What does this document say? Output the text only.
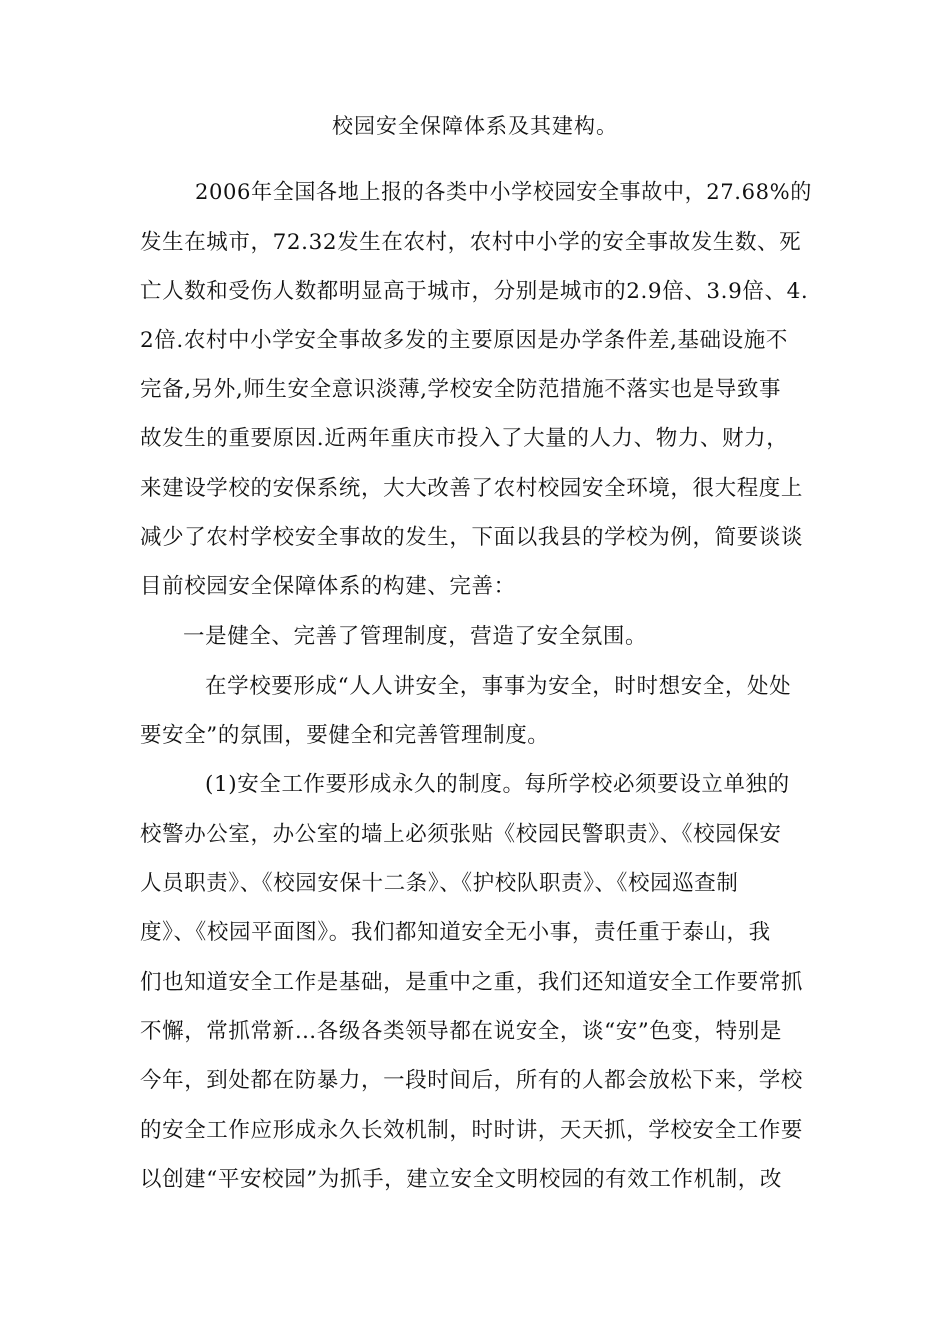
校园安全保障体系及其建构。
2006年全国各地上报的各类中小学校园安全事故中，27.68%的
发生在城市，72.32发生在农村，农村中小学的安全事故发生数、死
亡人数和受伤人数都明显高于城市，分别是城市的2.9倍、3.9倍、4.
2倍.农村中小学安全事故多发的主要原因是办学条件差,基础设施不
完备,另外,师生安全意识淡薄,学校安全防范措施不落实也是导致事
故发生的重要原因.近两年重庆市投入了大量的人力、物力、财力，
来建设学校的安保系统，大大改善了农村校园安全环境，很大程度上
减少了农村学校安全事故的发生，下面以我县的学校为例，简要谈谈
目前校园安全保障体系的构建、完善：
一是健全、完善了管理制度，营造了安全氛围。
在学校要形成“人人讲安全，事事为安全，时时想安全，处处
要安全”的氛围，要健全和完善管理制度。
(1)安全工作要形成永久的制度。每所学校必须要设立单独的
校警办公室，办公室的墙上必须张贴《校园民警职责》、《校园保安
人员职责》、《校园安保十二条》、《护校队职责》、《校园巡查制
度》、《校园平面图》。我们都知道安全无小事，责任重于泰山，我
们也知道安全工作是基础，是重中之重，我们还知道安全工作要常抓
不懈，常抓常新…各级各类领导都在说安全，谈“安”色变，特别是
今年，到处都在防暴力，一段时间后，所有的人都会放松下来，学校
的安全工作应形成永久长效机制，时时讲，天天抓，学校安全工作要
以创建“平安校园”为抓手，建立安全文明校园的有效工作机制，改
